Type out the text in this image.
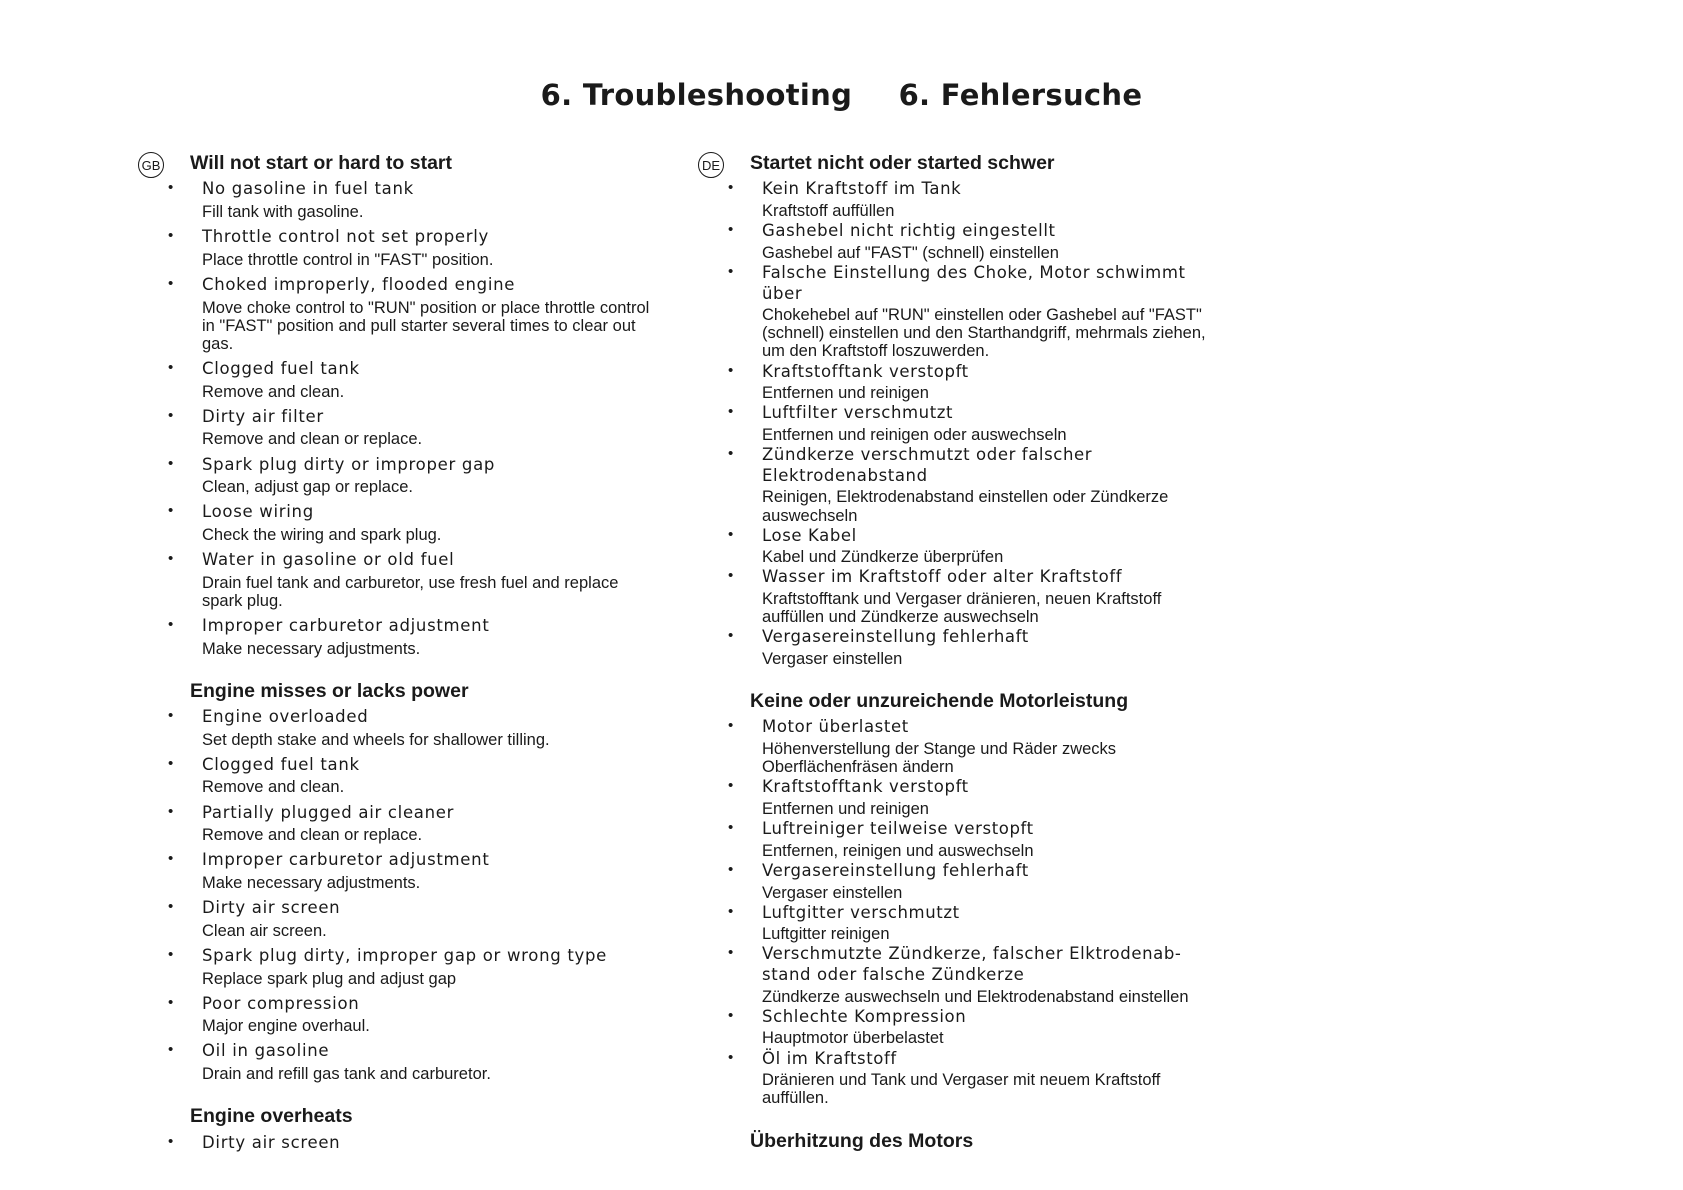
6. Troubleshooting 6. Fehlersuche
GB Will not start or hard to start
• No gasoline in fuel tank
Fill tank with gasoline.
• Throttle control not set properly
Place throttle control in "FAST" position.
• Choked improperly, flooded engine
Move choke control to "RUN" position or place throttle control in "FAST" position and pull starter several times to clear out gas.
• Clogged fuel tank
Remove and clean.
• Dirty air filter
Remove and clean or replace.
• Spark plug dirty or improper gap
Clean, adjust gap or replace.
• Loose wiring
Check the wiring and spark plug.
• Water in gasoline or old fuel
Drain fuel tank and carburetor, use fresh fuel and replace spark plug.
• Improper carburetor adjustment
Make necessary adjustments.
Engine misses or lacks power
• Engine overloaded
Set depth stake and wheels for shallower tilling.
• Clogged fuel tank
Remove and clean.
• Partially plugged air cleaner
Remove and clean or replace.
• Improper carburetor adjustment
Make necessary adjustments.
• Dirty air screen
Clean air screen.
• Spark plug dirty, improper gap or wrong type
Replace spark plug and adjust gap
• Poor compression
Major engine overhaul.
• Oil in gasoline
Drain and refill gas tank and carburetor.
Engine overheats
• Dirty air screen
DE Startet nicht oder started schwer
• Kein Kraftstoff im Tank
Kraftstoff auffüllen
• Gashebel nicht richtig eingestellt
Gashebel auf "FAST" (schnell) einstellen
• Falsche Einstellung des Choke, Motor schwimmt über
Chokehebel auf "RUN" einstellen oder Gashebel auf "FAST" (schnell) einstellen und den Starthandgriff, mehrmals ziehen, um den Kraftstoff loszuwerden.
• Kraftstofftank verstopft
Entfernen und reinigen
• Luftfilter verschmutzt
Entfernen und reinigen oder auswechseln
• Zündkerze verschmutzt oder falscher Elektrodenabstand
Reinigen, Elektrodenabstand einstellen oder Zündkerze auswechseln
• Lose Kabel
Kabel und Zündkerze überprüfen
• Wasser im Kraftstoff oder alter Kraftstoff
Kraftstofftank und Vergaser dränieren, neuen Kraftstoff auffüllen und Zündkerze auswechseln
• Vergasereinstellung fehlerhaft
Vergaser einstellen
Keine oder unzureichende Motorleistung
• Motor überlastet
Höhenverstellung der Stange und Räder zwecks Oberflächenfräsen ändern
• Kraftstofftank verstopft
Entfernen und reinigen
• Luftreiniger teilweise verstopft
Entfernen, reinigen und auswechseln
• Vergasereinstellung fehlerhaft
Vergaser einstellen
• Luftgitter verschmutzt
Luftgitter reinigen
• Verschmutzte Zündkerze, falscher Elktrodenab-stand oder falsche Zündkerze
Zündkerze auswechseln und Elektrodenabstand einstellen
• Schlechte Kompression
Hauptmotor überbelastet
• Öl im Kraftstoff
Dränieren und Tank und Vergaser mit neuem Kraftstoff auffüllen.
Überhitzung des Motors
